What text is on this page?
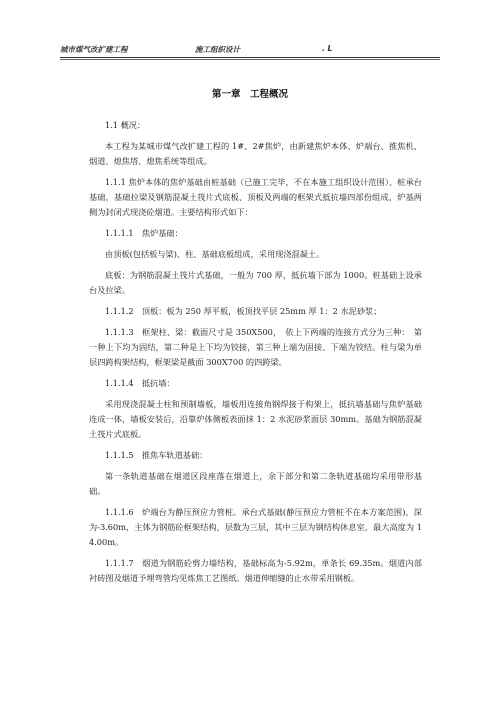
城市煤气改扩建工程	施工组织设计	. L
第一章　工程概况

1.1 概况：

本工程为某城市煤气改扩建工程的 1#、2#焦炉，由新建焦炉本体、炉端台、推焦机、烟道、熄焦塔、熄焦系统等组成。

1.1.1 焦炉本体的焦炉基础由桩基础（已施工完毕，不在本施工组织设计范围）、桩承台基础，基础拉梁及钢筋混凝土筏片式底板、顶板及两端的框架式抵抗墙四部份组成，炉基两侧为封闭式现浇砼烟道。主要结构形式如下：

1.1.1.1　焦炉基础：

由顶板(包括板与梁)、柱、基础底板组成，采用现浇混凝土。

底板：为钢筋混凝土筏片式基础，一般为 700 厚，抵抗墙下部为 1000。桩基础上设承台及拉梁。

1.1.1.2　顶板：板为 250 厚平板，板顶找平层 25mm 厚 1：2 水泥砂浆；

1.1.1.3　框架柱、梁：截面尺寸是 350X500，　依上下两端的连接方式分为三种：　第一种上下均为固结，第二种是上下均为铰接，第三种上端为固接、下端为铰结。柱与梁为单层四跨构架结构，框架梁是截面 300X700 的四跨梁。

1.1.1.4　抵抗墙：

采用现浇混凝土柱和预制墙板，墙板用连接角钢焊接于构架上，抵抗墙基础与焦炉基础连成一体，墙板安装后，沿靠炉体侧板表面抹 1：2 水泥砂浆面层 30mm。基础为钢筋混凝土筏片式底板。

1.1.1.5　推焦车轨道基础：

第一条轨道基础在烟道区段座落在烟道上，余下部分和第二条轨道基础均采用带形基础。

1.1.1.6　炉端台为静压预应力管桩。承台式基础(静压预应力管桩不在本方案范围)，深为-3.60m，主体为钢筋砼框架结构，层数为三层，其中三层为钢结构休息室，最大高度为 14.00m。

1.1.1.7　烟道为钢筋砼剪力墙结构，基础标高为-5.92m，单条长 69.35m。烟道内部衬砖图及烟道予埋弯管均见炼焦工艺图纸。烟道伸缩缝的止水带采用钢板。
